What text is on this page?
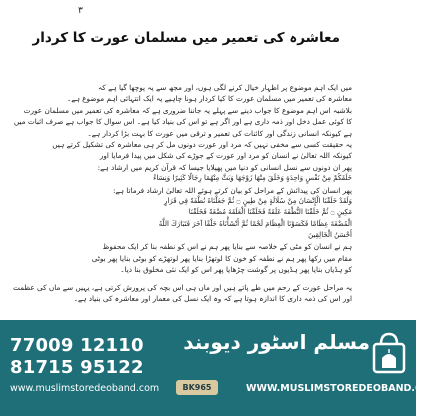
۳
معاشرہ کی تعمیر میں مسلمان عورت کا کردار
میں ایک اہم موضوع پر اظہار خیال کرنے لگی ہوں، اور مجھ سے یہ پوچھا گیا ہے کہ
معاشرہ کی تعمیر میں مسلمان عورت کا کیا کردار ہونا چاہیے یہ ایک انتہائی اہم موضوع ہے۔
بلاشبہ اس اہم موضوع کا جواب دینے سے پہلے یہ جاننا ضروری ہے کہ معاشرہ کی تعمیر میں مسلمان عورت
کا کوئی عمل دخل اور ذمہ داری ہے اور اگر ہے تو اس کی بنیاد کیا ہے۔ اس سوال کا جواب ہے صرف اثبات میں
ہے کیونکہ انسانی زندگی اور کائنات کی تعمیر و ترقی میں عورت کا بہت بڑا کردار ہے۔
یہ حقیقت کسی سے مخفی نہیں کہ مرد اور عورت دونوں مل کر ہی معاشرہ کی تشکیل کرتے ہیں
کیونکہ اللہ تعالیٰ نے انسان کو مرد اور عورت کے جوڑے کی شکل میں پیدا فرمایا اور
پھر ان دونوں سے نسل انسانی کو دنیا میں پھیلایا جیسا کہ قرآن کریم میں ارشاد ہے:
خَلَقَكُمْ مِنْ نَفْسٍ وَاحِدَةٍ وَخَلَقَ مِنْهَا زَوْجَهَا وَبَثَّ مِنْهُمَا رِجَالًا كَثِيرًا وَنِسَاءً
پھر انسان کی پیدائش کے مراحل کو بیان کرتے ہوئے اللہ تعالیٰ ارشاد فرماتا ہے:
وَلَقَدْ خَلَقْنَا الْإِنْسَانَ مِنْ سُلَالَةٍ مِنْ طِينٍ ۝ ثُمَّ جَعَلْنَاهُ نُطْفَةً فِي قَرَارٍ
مَكِينٍ ۝ ثُمَّ خَلَقْنَا النُّطْفَةَ عَلَقَةً فَخَلَقْنَا الْعَلَقَةَ مُضْغَةً فَخَلَقْنَا
الْمُضْغَةَ عِظَامًا فَكَسَوْنَا الْعِظَامَ لَحْمًا ثُمَّ أَنْشَأْنَاهُ خَلْقًا آخَرَ فَتَبَارَكَ اللَّهُ
أَحْسَنُ الْخَالِقِينَ
ہم نے انسان کو مٹی کے خلاصہ سے بنایا پھر ہم نے اس کو نطفہ بنا کر ایک محفوظ
مقام میں رکھا پھر ہم نے نطفہ کو خون کا لوتھڑا بنایا پھر لوتھڑے کو بوٹی بنایا پھر بوٹی
کو ہڈیاں بنایا پھر ہڈیوں پر گوشت چڑھایا پھر اس کو ایک نئی مخلوق بنا دیا۔
یہ مراحل عورت کے رحم میں طے پاتے ہیں اور ماں ہی اس بچہ کی پرورش کرتی ہے، یہیں سے ماں کی عظمت
اور اس کی ذمہ داری کا اندازہ ہوتا ہے کہ وہ ایک نسل کی معمار اور معاشرہ کی بنیاد ہے۔
77009 12110
81715 95122
www.muslimstoredeoband.com	BK965
مسلم اسٹور دیوبند
WWW.MUSLIMSTOREDEOBAND.COM
